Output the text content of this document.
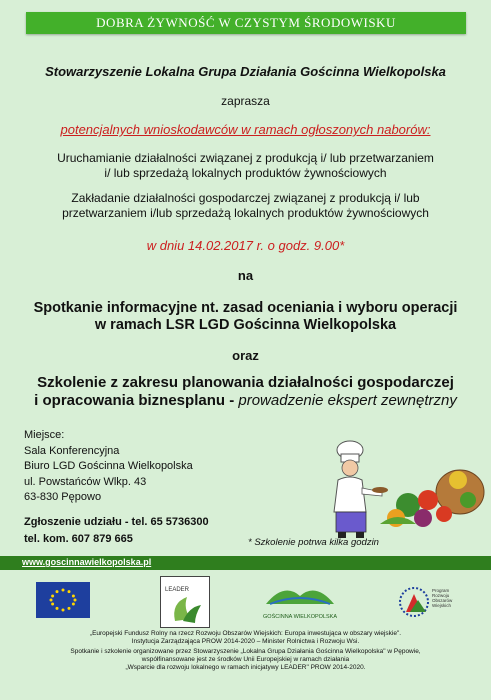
DOBRA ŻYWNOŚĆ W CZYSTYM ŚRODOWISKU
Stowarzyszenie Lokalna Grupa Działania Gościnna Wielkopolska
zaprasza
potencjalnych wnioskodawców w ramach ogłoszonych naborów:
Uruchamianie działalności związanej z produkcją i/ lub przetwarzaniem
i/ lub sprzedażą lokalnych produktów żywnościowych
Zakładanie działalności gospodarczej związanej z produkcją i/ lub
przetwarzaniem i/lub sprzedażą lokalnych produktów żywnościowych
w dniu 14.02.2017 r. o godz. 9.00*
na
Spotkanie informacyjne nt. zasad oceniania i wyboru operacji
w ramach LSR LGD Gościnna Wielkopolska
oraz
Szkolenie z zakresu planowania działalności gospodarczej
i opracowania biznesplanu - prowadzenie ekspert zewnętrzny
Miejsce:
Sala Konferencyjna
Biuro LGD Gościnna Wielkopolska
ul. Powstańców Wlkp. 43
63-830 Pępowo
Zgłoszenie udziału - tel. 65 5736300
tel. kom. 607 879 665	* Szkolenie potrwa kilka godzin
www.goscinnawielkopolska.pl
LEADER
GOŚCINNA WIELKOPOLSKA
Program Rozwoju Obszarów Wiejskich
„Europejski Fundusz Rolny na rzecz Rozwoju Obszarów Wiejskich: Europa inwestująca w obszary wiejskie".
Instytucja Zarządzająca PROW 2014-2020 – Minister Rolnictwa i Rozwoju Wsi.
Spotkanie i szkolenie organizowane przez Stowarzyszenie „Lokalna Grupa Działania Gościnna Wielkopolska" w Pępowie,
współfinansowane jest ze środków Unii Europejskiej w ramach działania
„Wsparcie dla rozwoju lokalnego w ramach inicjatywy LEADER" PROW 2014-2020.
